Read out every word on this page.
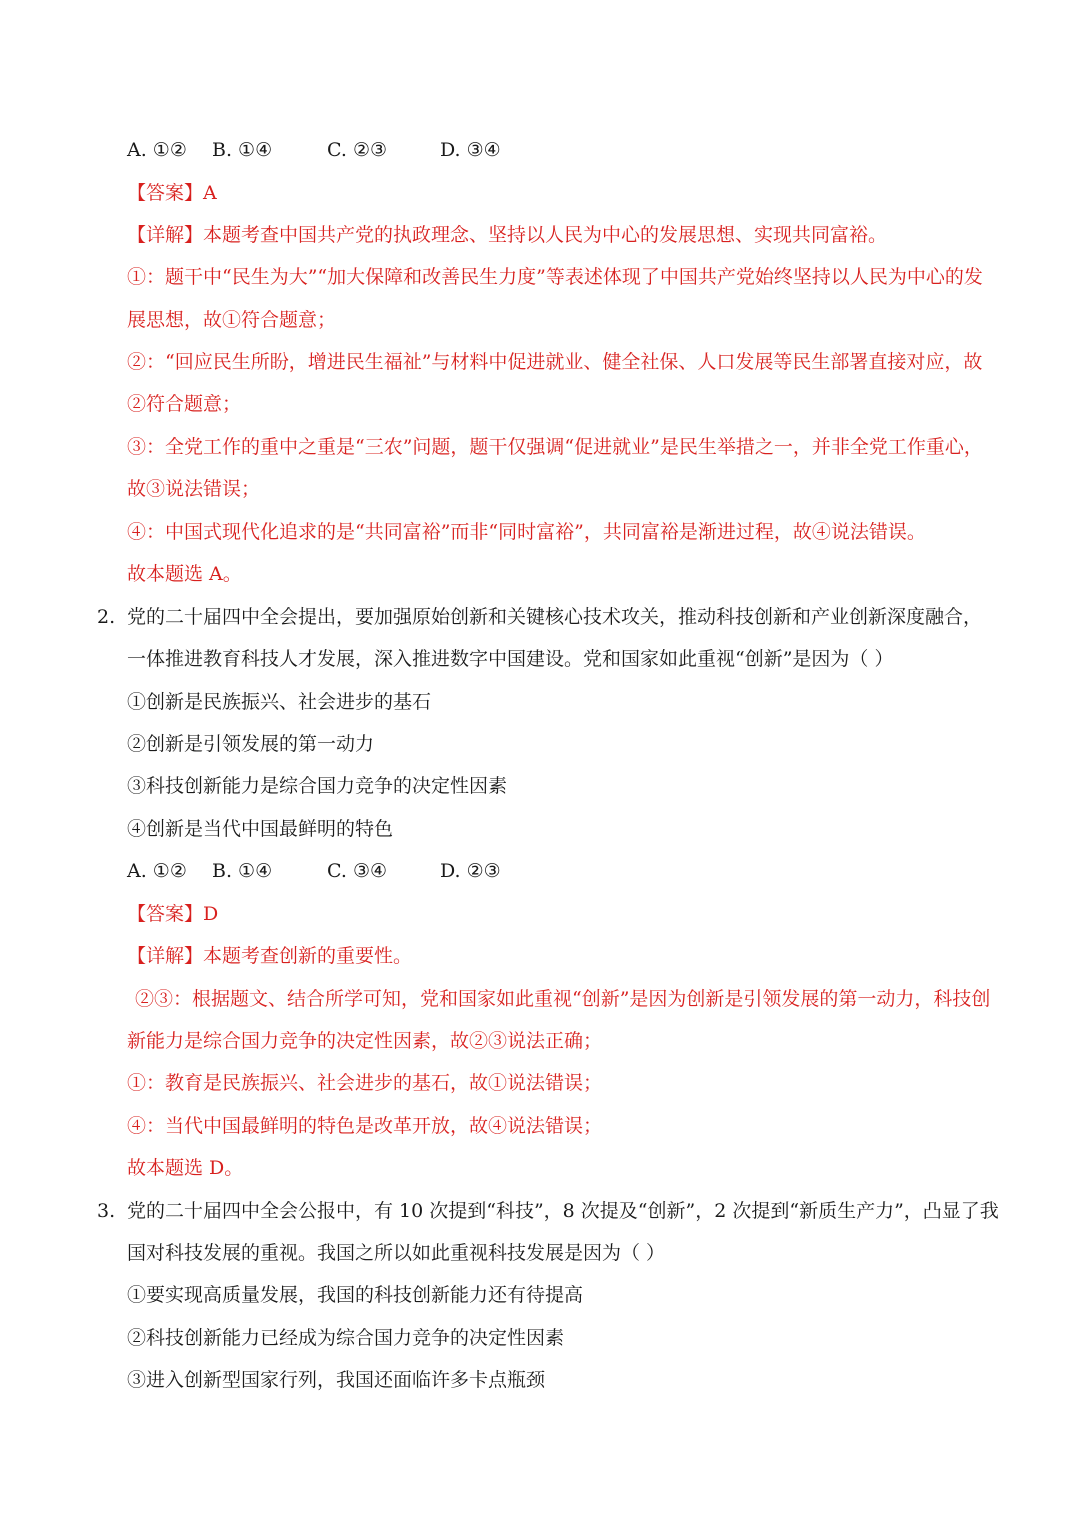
A. ①② B. ①④	C. ②③	D. ③④
【答案】A
【详解】本题考查中国共产党的执政理念、坚持以人民为中心的发展思想、实现共同富裕。
①：题干中“民生为大”“加大保障和改善民生力度”等表述体现了中国共产党始终坚持以人民为中心的发
展思想，故①符合题意；
②：“回应民生所盼，增进民生福祉”与材料中促进就业、健全社保、人口发展等民生部署直接对应，故
②符合题意；
③：全党工作的重中之重是“三农”问题，题干仅强调“促进就业”是民生举措之一，并非全党工作重心，
故③说法错误；
④：中国式现代化追求的是“共同富裕”而非“同时富裕”，共同富裕是渐进过程，故④说法错误。
故本题选 A。
2. 党的二十届四中全会提出，要加强原始创新和关键核心技术攻关，推动科技创新和产业创新深度融合，
一体推进教育科技人才发展，深入推进数字中国建设。党和国家如此重视“创新”是因为（ ）
①创新是民族振兴、社会进步的基石
②创新是引领发展的第一动力
③科技创新能力是综合国力竞争的决定性因素
④创新是当代中国最鲜明的特色
A. ①② B. ①④	C. ③④	D. ②③
【答案】D
【详解】本题考查创新的重要性。
②③：根据题文、结合所学可知，党和国家如此重视“创新”是因为创新是引领发展的第一动力，科技创
新能力是综合国力竞争的决定性因素，故②③说法正确；
①：教育是民族振兴、社会进步的基石，故①说法错误；
④：当代中国最鲜明的特色是改革开放，故④说法错误；
故本题选 D。
3. 党的二十届四中全会公报中，有 10 次提到“科技”，8 次提及“创新”，2 次提到“新质生产力”，凸显了我
国对科技发展的重视。我国之所以如此重视科技发展是因为（ ）
①要实现高质量发展，我国的科技创新能力还有待提高
②科技创新能力已经成为综合国力竞争的决定性因素
③进入创新型国家行列，我国还面临许多卡点瓶颈
